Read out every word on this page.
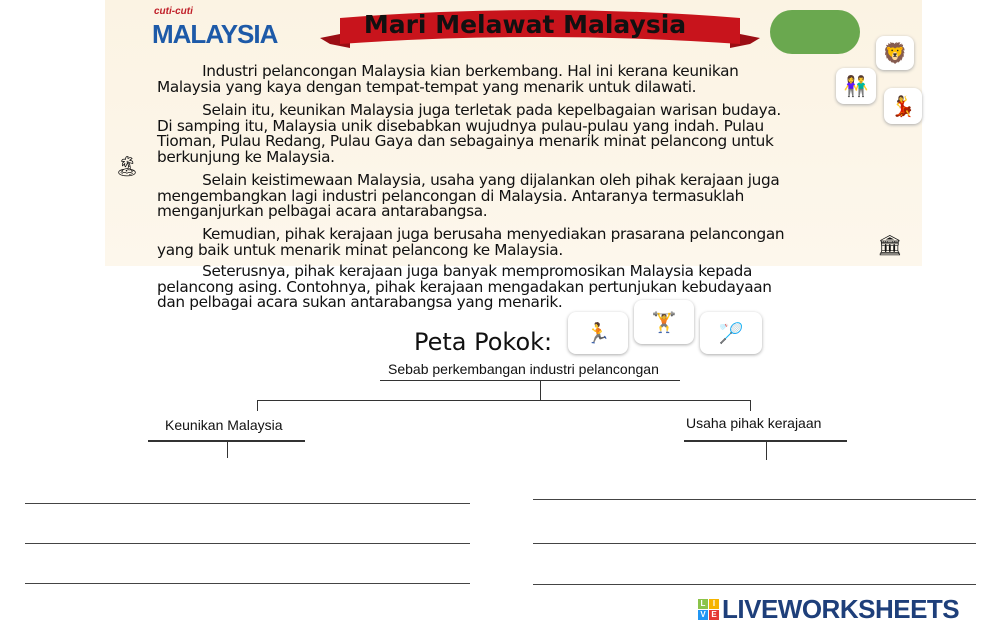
cuti-cuti
MALAYSIA	Mari Melawat Malaysia
🦁
👫
💃
🏝
🏛
Industri pelancongan Malaysia kian berkembang. Hal ini kerana keunikan
Malaysia yang kaya dengan tempat-tempat yang menarik untuk dilawati.
Selain itu, keunikan Malaysia juga terletak pada kepelbagaian warisan budaya.
Di samping itu, Malaysia unik disebabkan wujudnya pulau-pulau yang indah. Pulau
Tioman, Pulau Redang, Pulau Gaya dan sebagainya menarik minat pelancong untuk
berkunjung ke Malaysia.
Selain keistimewaan Malaysia, usaha yang dijalankan oleh pihak kerajaan juga
mengembangkan lagi industri pelancongan di Malaysia. Antaranya termasuklah
menganjurkan pelbagai acara antarabangsa.
Kemudian, pihak kerajaan juga berusaha menyediakan prasarana pelancongan
yang baik untuk menarik minat pelancong ke Malaysia.
Seterusnya, pihak kerajaan juga banyak mempromosikan Malaysia kepada
pelancong asing. Contohnya, pihak kerajaan mengadakan pertunjukan kebudayaan
dan pelbagai acara sukan antarabangsa yang menarik.
🏃	🏋	🏸
Peta Pokok:
Sebab perkembangan industri pelancongan
Keunikan Malaysia	Usaha pihak kerajaan
L I
V E LIVEWORKSHEETS
